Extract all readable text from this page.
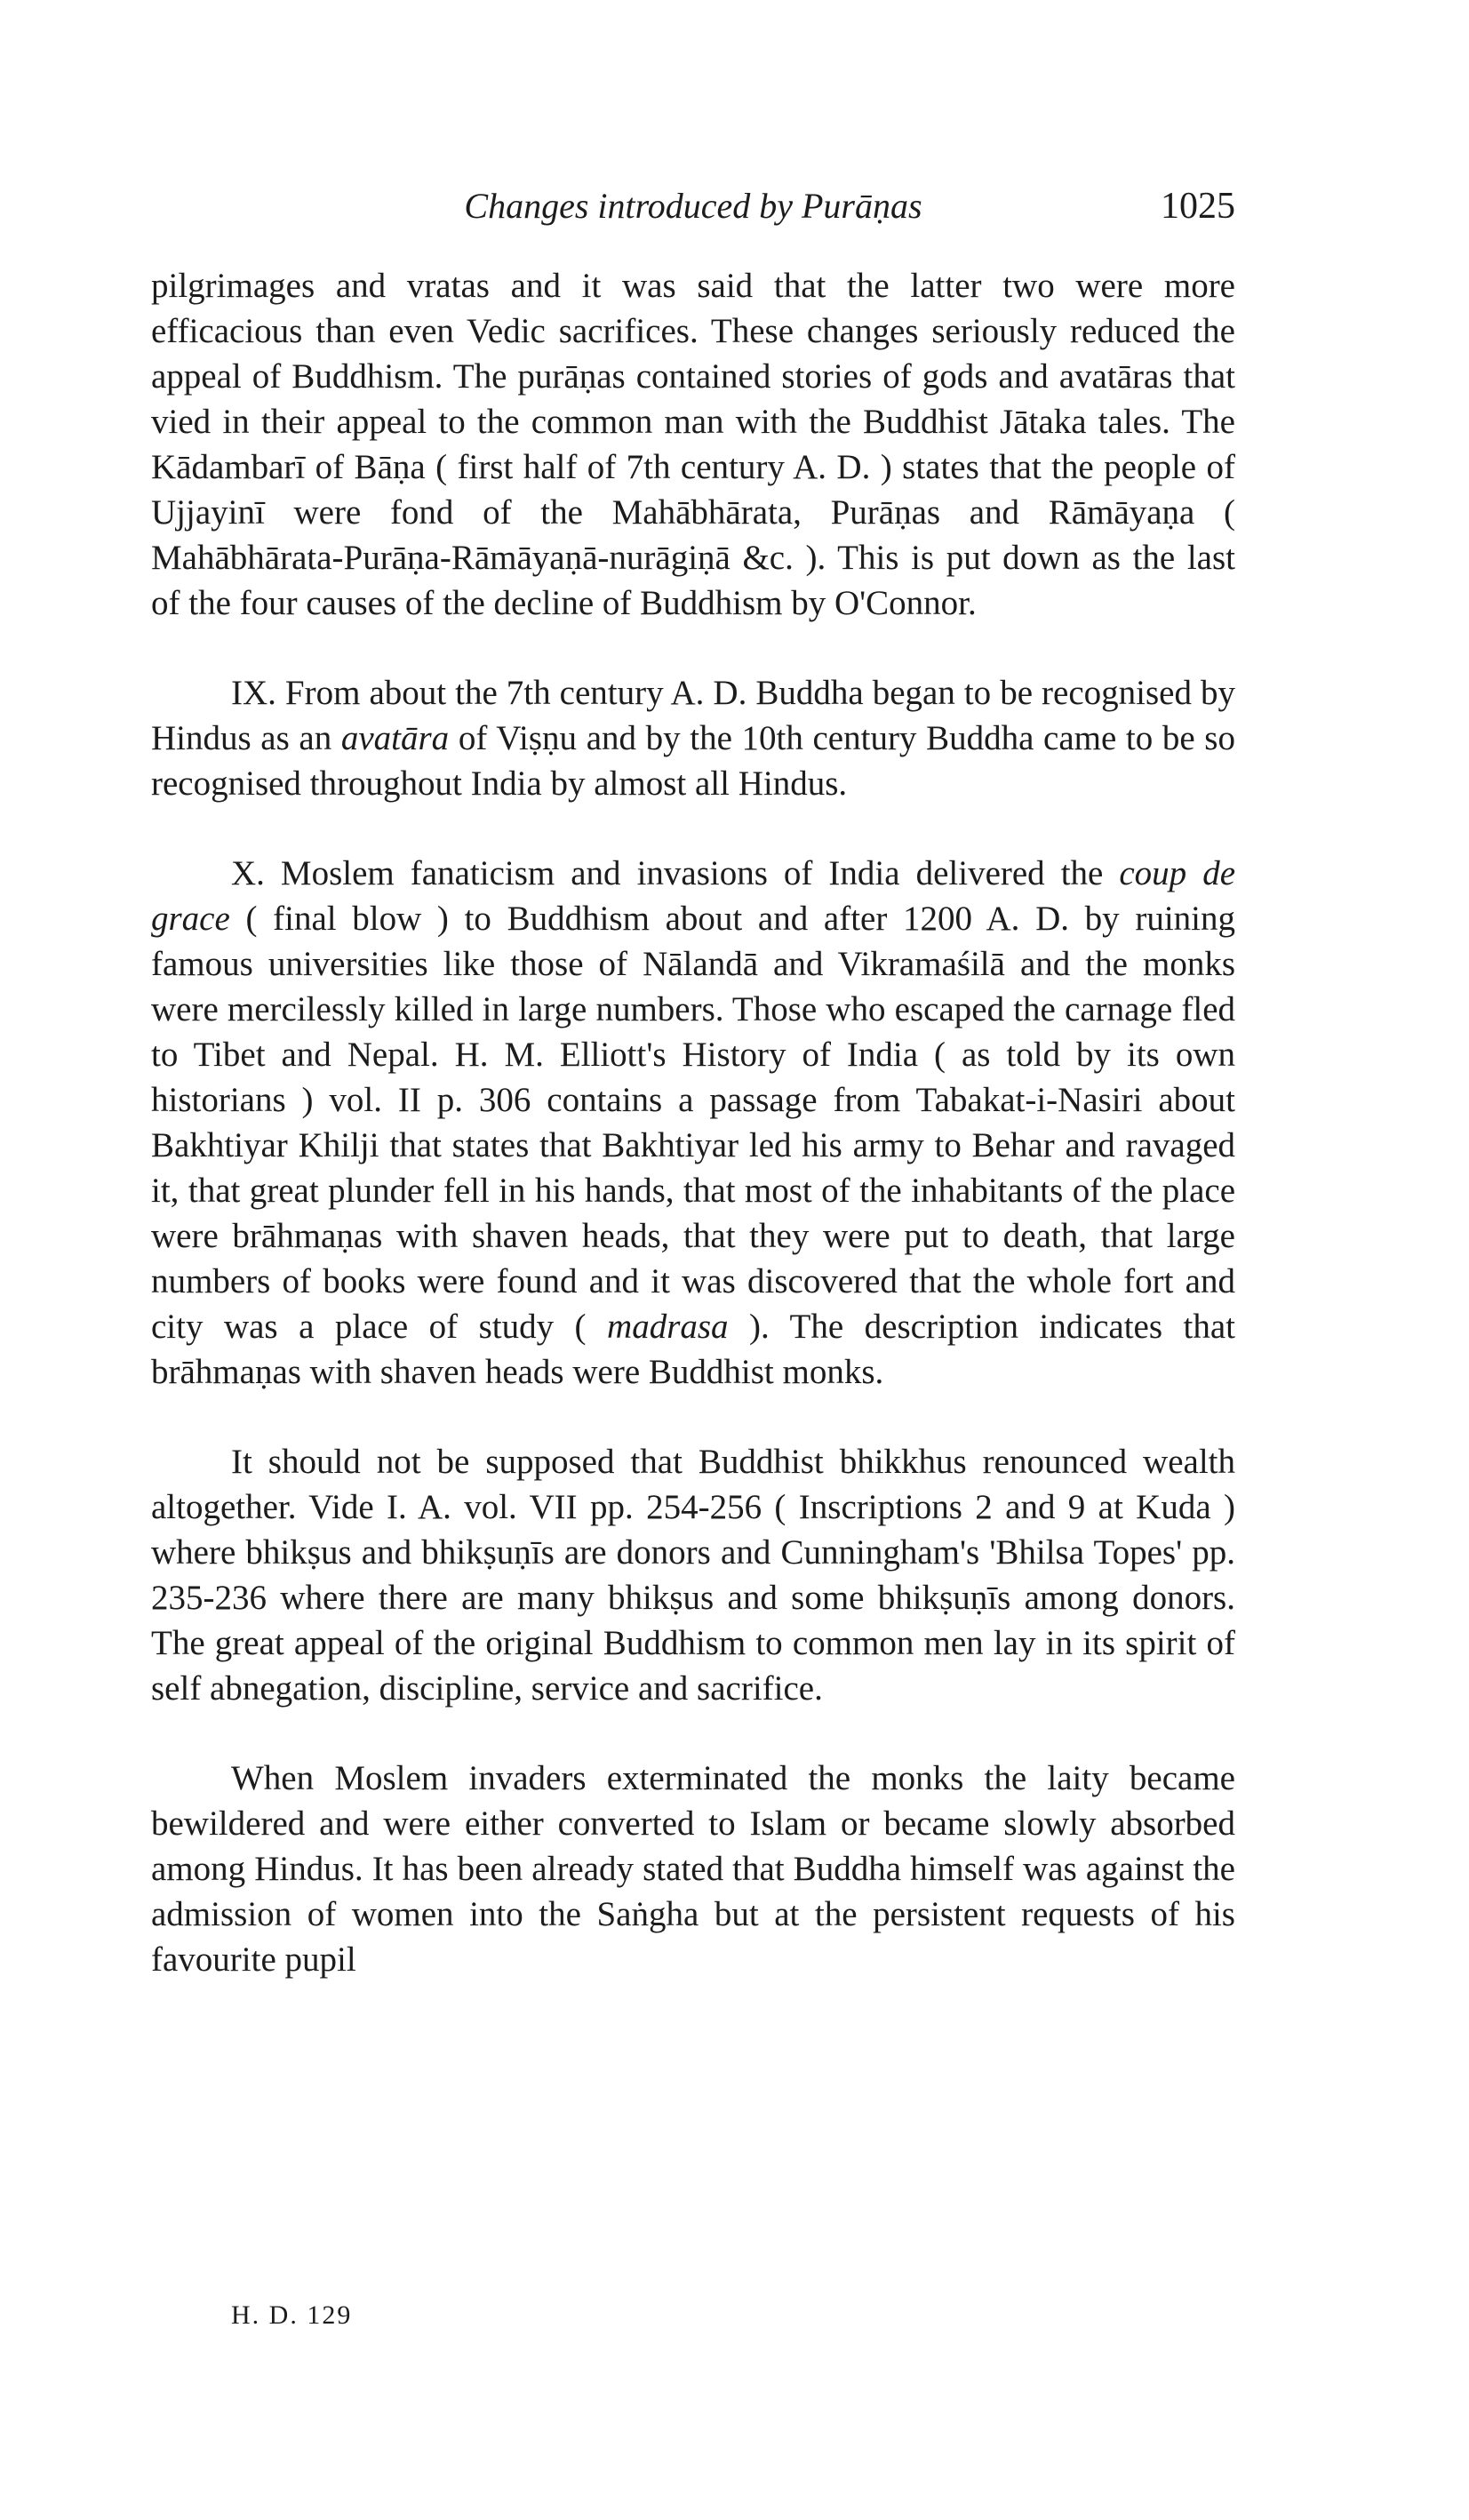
Changes introduced by Purāṇas	1025

pilgrimages and vratas and it was said that the latter two were more efficacious than even Vedic sacrifices. These changes seriously reduced the appeal of Buddhism. The purāṇas contained stories of gods and avatāras that vied in their appeal to the common man with the Buddhist Jātaka tales. The Kādambarī of Bāṇa ( first half of 7th century A. D. ) states that the people of Ujjayinī were fond of the Mahābhārata, Purāṇas and Rāmāyaṇa ( Mahābhārata-Purāṇa-Rāmāyaṇā-nurāgiṇā &c. ). This is put down as the last of the four causes of the decline of Buddhism by O'Connor.

IX. From about the 7th century A. D. Buddha began to be recognised by Hindus as an avatāra of Viṣṇu and by the 10th century Buddha came to be so recognised throughout India by almost all Hindus.

X. Moslem fanaticism and invasions of India delivered the coup de grace ( final blow ) to Buddhism about and after 1200 A. D. by ruining famous universities like those of Nālandā and Vikramaśilā and the monks were mercilessly killed in large numbers. Those who escaped the carnage fled to Tibet and Nepal. H. M. Elliott's History of India ( as told by its own historians ) vol. II p. 306 contains a passage from Tabakat-i-Nasiri about Bakhtiyar Khilji that states that Bakhtiyar led his army to Behar and ravaged it, that great plunder fell in his hands, that most of the inhabitants of the place were brāhmaṇas with shaven heads, that they were put to death, that large numbers of books were found and it was discovered that the whole fort and city was a place of study ( madrasa ). The description indicates that brāhmaṇas with shaven heads were Buddhist monks.

It should not be supposed that Buddhist bhikkhus renounced wealth altogether. Vide I. A. vol. VII pp. 254-256 ( Inscriptions 2 and 9 at Kuda ) where bhikṣus and bhikṣuṇīs are donors and Cunningham's 'Bhilsa Topes' pp. 235-236 where there are many bhikṣus and some bhikṣuṇīs among donors. The great appeal of the original Buddhism to common men lay in its spirit of self abnegation, discipline, service and sacrifice.

When Moslem invaders exterminated the monks the laity became bewildered and were either converted to Islam or became slowly absorbed among Hindus. It has been already stated that Buddha himself was against the admission of women into the Saṅgha but at the persistent requests of his favourite pupil

H. D. 129
